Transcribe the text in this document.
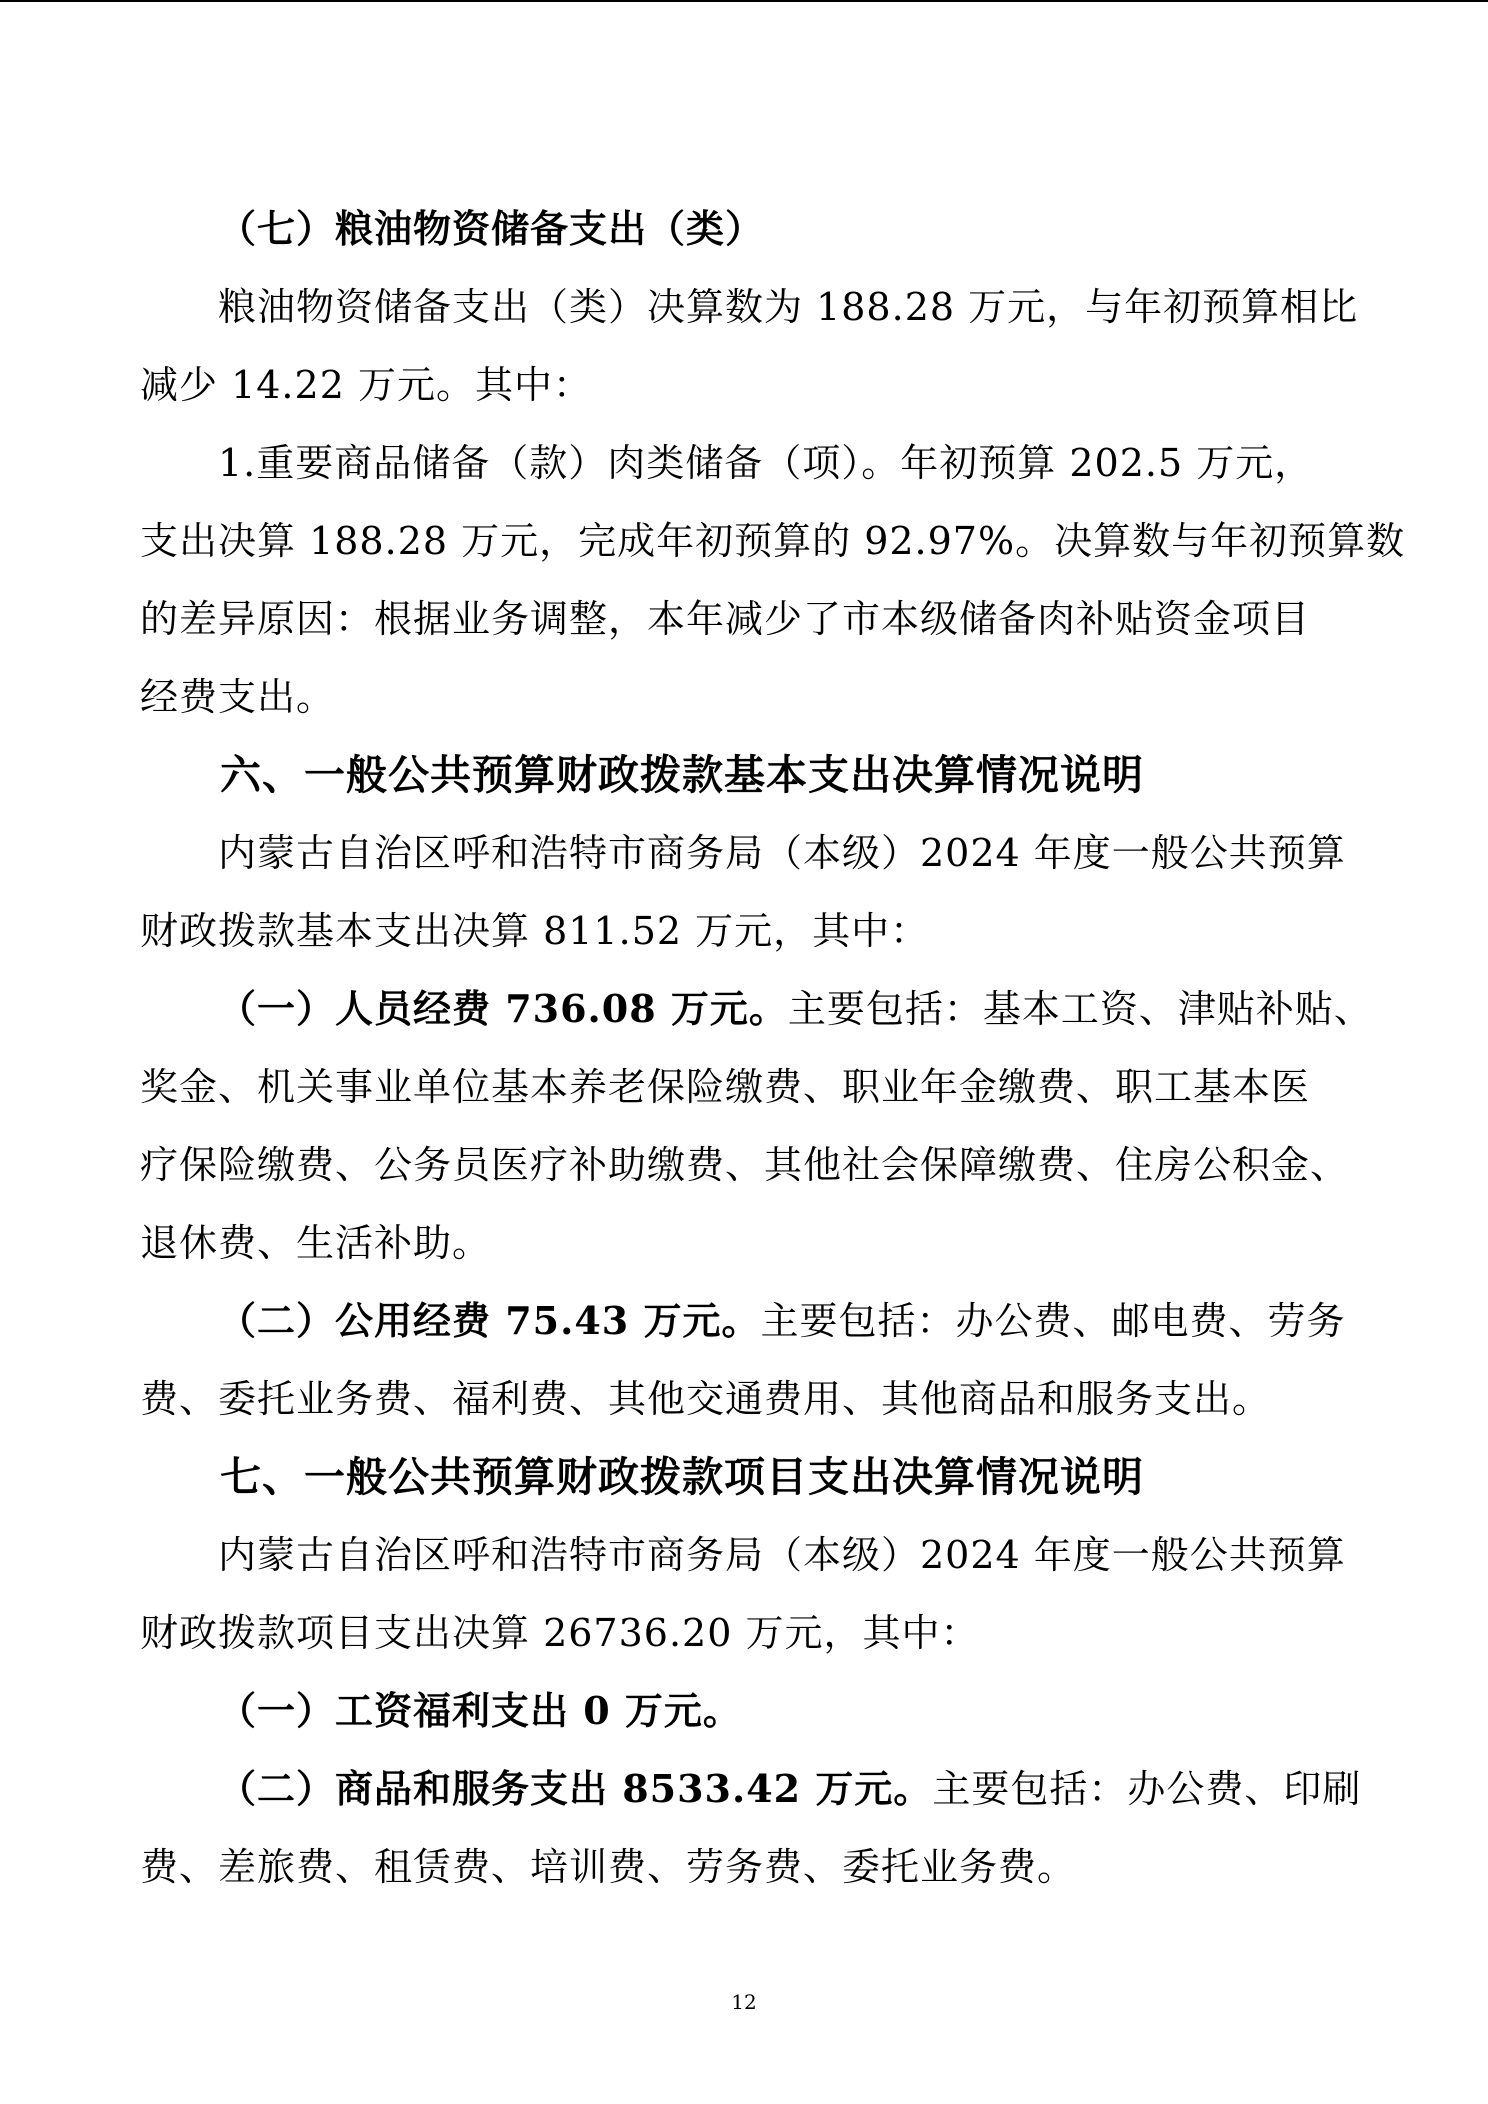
（七）粮油物资储备支出（类）
粮油物资储备支出（类）决算数为 188.28 万元，与年初预算相比
减少 14.22 万元。其中：
1.重要商品储备（款）肉类储备（项）。年初预算 202.5 万元，
支出决算 188.28 万元，完成年初预算的 92.97%。决算数与年初预算数
的差异原因：根据业务调整，本年减少了市本级储备肉补贴资金项目
经费支出。
六、一般公共预算财政拨款基本支出决算情况说明
内蒙古自治区呼和浩特市商务局（本级）2024 年度一般公共预算
财政拨款基本支出决算 811.52 万元，其中：
（一）人员经费 736.08 万元。主要包括：基本工资、津贴补贴、
奖金、机关事业单位基本养老保险缴费、职业年金缴费、职工基本医
疗保险缴费、公务员医疗补助缴费、其他社会保障缴费、住房公积金、
退休费、生活补助。
（二）公用经费 75.43 万元。主要包括：办公费、邮电费、劳务
费、委托业务费、福利费、其他交通费用、其他商品和服务支出。
七、一般公共预算财政拨款项目支出决算情况说明
内蒙古自治区呼和浩特市商务局（本级）2024 年度一般公共预算
财政拨款项目支出决算 26736.20 万元，其中：
（一）工资福利支出 0 万元。
（二）商品和服务支出 8533.42 万元。主要包括：办公费、印刷
费、差旅费、租赁费、培训费、劳务费、委托业务费。
12
